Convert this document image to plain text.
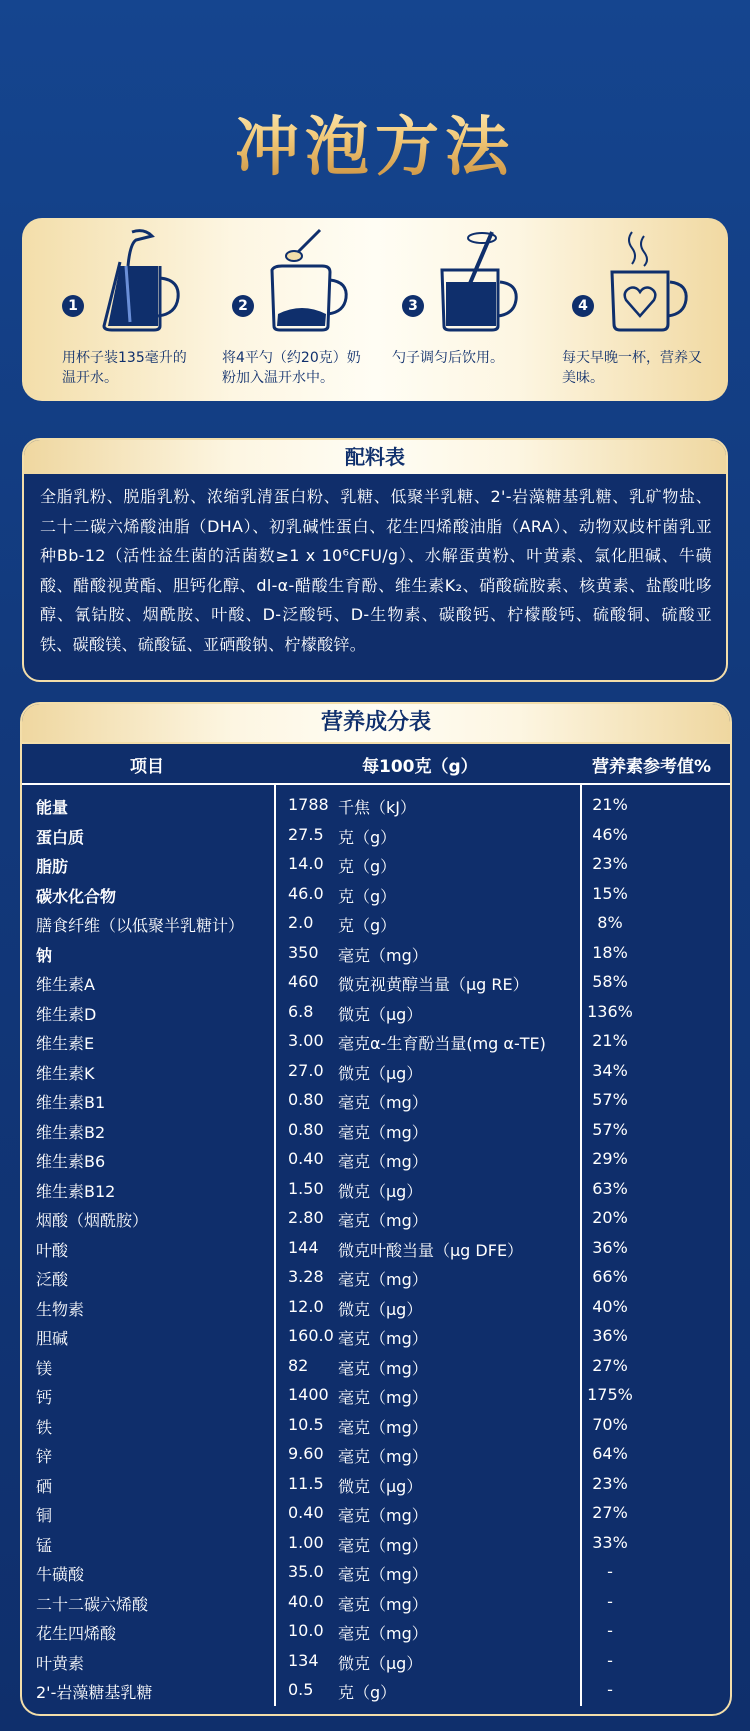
冲泡方法
1
用杯子装135毫升的温开水。
2
将4平勺（约20克）奶粉加入温开水中。
3
勺子调匀后饮用。
4
每天早晚一杯，营养又美味。
配料表
全脂乳粉、脱脂乳粉、浓缩乳清蛋白粉、乳糖、低聚半乳糖、2'-岩藻糖基乳糖、乳矿物盐、二十二碳六烯酸油脂（DHA）、初乳碱性蛋白、花生四烯酸油脂（ARA）、动物双歧杆菌乳亚种Bb-12（活性益生菌的活菌数≥1 x 10⁶CFU/g）、水解蛋黄粉、叶黄素、氯化胆碱、牛磺酸、醋酸视黄酯、胆钙化醇、dl-α-醋酸生育酚、维生素K₂、硝酸硫胺素、核黄素、盐酸吡哆醇、氰钴胺、烟酰胺、叶酸、D-泛酸钙、D-生物素、碳酸钙、柠檬酸钙、硫酸铜、硫酸亚铁、碳酸镁、硫酸锰、亚硒酸钠、柠檬酸锌。
营养成分表
项目	每100克（g）	营养素参考值%
能量	1788 千焦（kJ）	21%
蛋白质	27.5 克（g）	46%
脂肪	14.0 克（g）	23%
碳水化合物	46.0 克（g）	15%
膳食纤维（以低聚半乳糖计）	2.0 克（g）	8%
钠	350 毫克（mg）	18%
维生素A	460 微克视黄醇当量（μg RE）	58%
维生素D	6.8 微克（μg）	136%
维生素E	3.00 毫克α-生育酚当量(mg α-TE)	21%
维生素K	27.0 微克（μg）	34%
维生素B1	0.80 毫克（mg）	57%
维生素B2	0.80 毫克（mg）	57%
维生素B6	0.40 毫克（mg）	29%
维生素B12	1.50 微克（μg）	63%
烟酸（烟酰胺）	2.80 毫克（mg）	20%
叶酸	144 微克叶酸当量（μg DFE）	36%
泛酸	3.28 毫克（mg）	66%
生物素	12.0 微克（μg）	40%
胆碱	160.0 毫克（mg）	36%
镁	82 毫克（mg）	27%
钙	1400 毫克（mg）	175%
铁	10.5 毫克（mg）	70%
锌	9.60 毫克（mg）	64%
硒	11.5 微克（μg）	23%
铜	0.40 毫克（mg）	27%
锰	1.00 毫克（mg）	33%
牛磺酸	35.0 毫克（mg）	-
二十二碳六烯酸	40.0 毫克（mg）	-
花生四烯酸	10.0 毫克（mg）	-
叶黄素	134 微克（μg）	-
2'-岩藻糖基乳糖	0.5 克（g）	-
